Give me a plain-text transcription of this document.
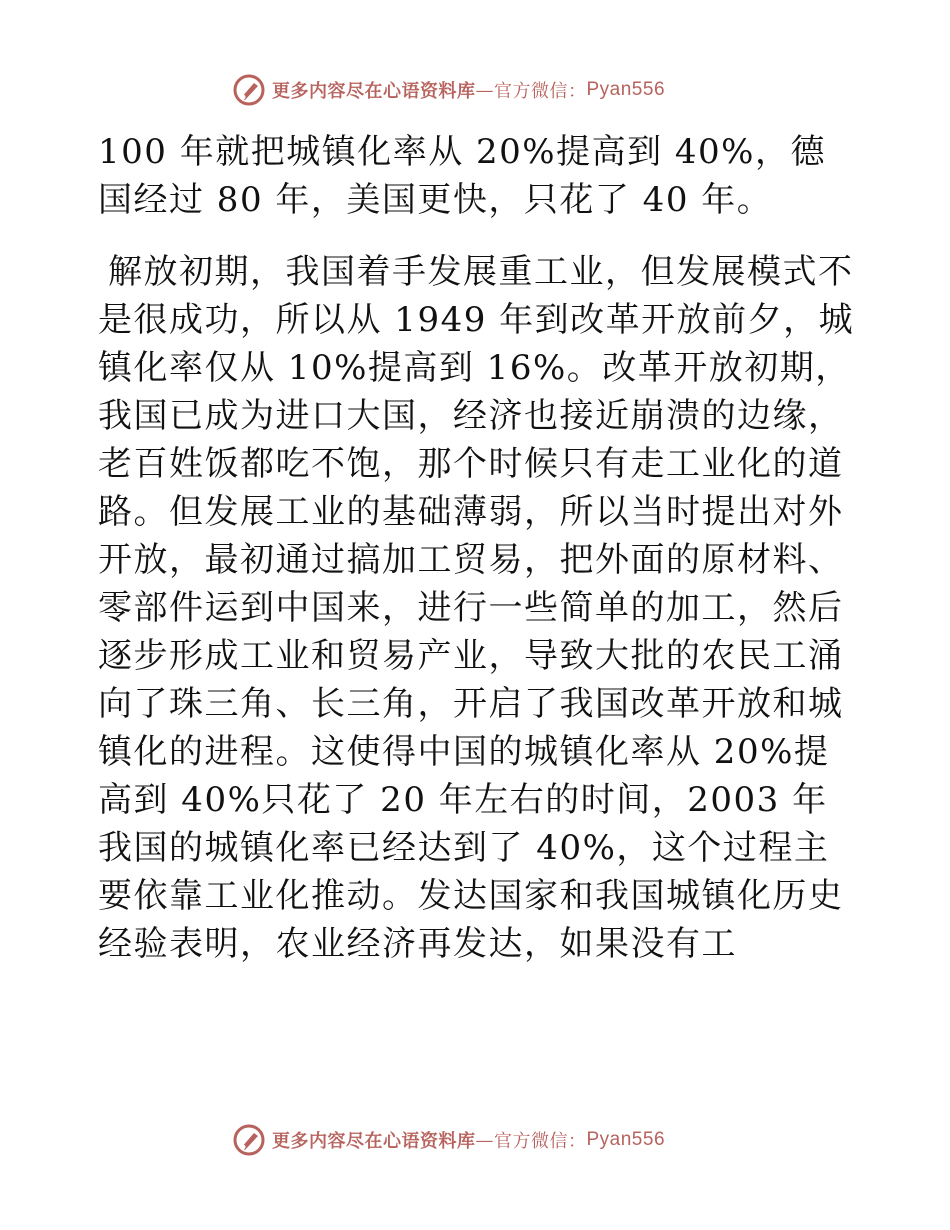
更多内容尽在心语资料库 — 官方微信： Pyan556

100 年就把城镇化率从 20%提高到 40%，德国经过 80 年，美国更快，只花了 40 年。

解放初期，我国着手发展重工业，但发展模式不是很成功，所以从 1949 年到改革开放前夕，城镇化率仅从 10%提高到 16%。改革开放初期，我国已成为进口大国，经济也接近崩溃的边缘，老百姓饭都吃不饱，那个时候只有走工业化的道路。但发展工业的基础薄弱，所以当时提出对外开放，最初通过搞加工贸易，把外面的原材料、零部件运到中国来，进行一些简单的加工，然后逐步形成工业和贸易产业，导致大批的农民工涌向了珠三角、长三角，开启了我国改革开放和城镇化的进程。这使得中国的城镇化率从 20%提高到 40%只花了 20 年左右的时间，2003 年我国的城镇化率已经达到了 40%，这个过程主要依靠工业化推动。发达国家和我国城镇化历史经验表明，农业经济再发达，如果没有工

更多内容尽在心语资料库 — 官方微信： Pyan556
